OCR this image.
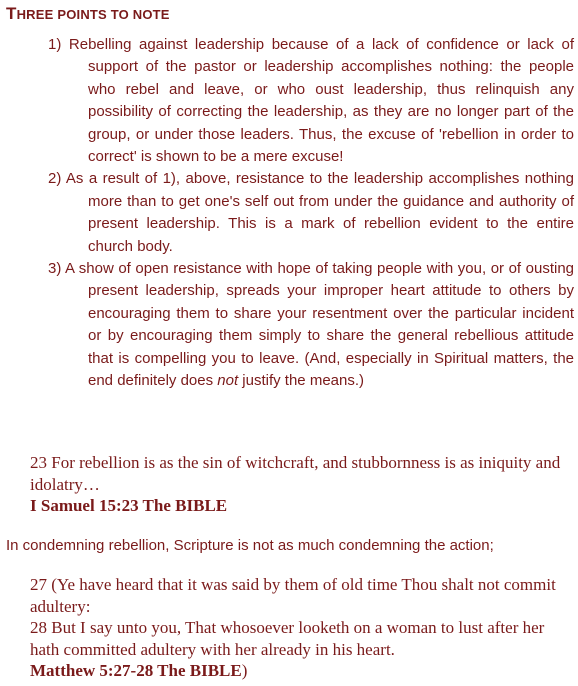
THREE POINTS TO NOTE

1) Rebelling against leadership because of a lack of confidence or lack of support of the pastor or leadership accomplishes nothing: the people who rebel and leave, or who oust leadership, thus relinquish any possibility of correcting the leadership, as they are no longer part of the group, or under those leaders. Thus, the excuse of 'rebellion in order to correct' is shown to be a mere excuse!

2) As a result of 1), above, resistance to the leadership accomplishes nothing more than to get one's self out from under the guidance and authority of present leadership. This is a mark of rebellion evident to the entire church body.

3) A show of open resistance with hope of taking people with you, or of ousting present leadership, spreads your improper heart attitude to others by encouraging them to share your resentment over the particular incident or by encouraging them simply to share the general rebellious attitude that is compelling you to leave. (And, especially in Spiritual matters, the end definitely does not justify the means.)

23 For rebellion is as the sin of witchcraft, and stubbornness is as iniquity and idolatry…
I Samuel 15:23 The BIBLE
In condemning rebellion, Scripture is not as much condemning the action;
27 (Ye have heard that it was said by them of old time Thou shalt not commit adultery:
28 But I say unto you, That whosoever looketh on a woman to lust after her hath committed adultery with her already in his heart.
Matthew 5:27-28 The BIBLE)
